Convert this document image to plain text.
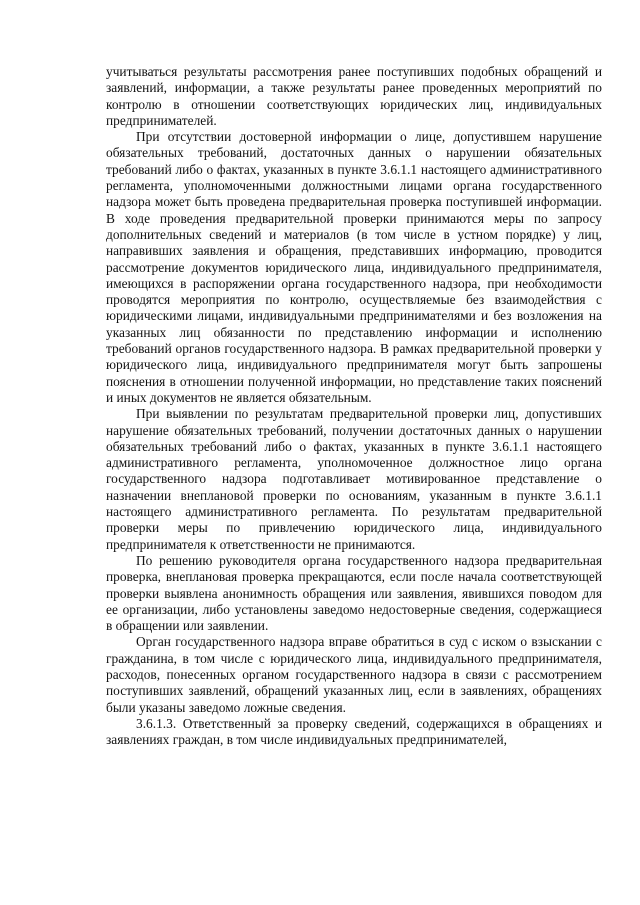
учитываться результаты рассмотрения ранее поступивших подобных обращений и заявлений, информации, а также результаты ранее проведенных мероприятий по контролю в отношении соответствующих юридических лиц, индивидуальных предпринимателей.

При отсутствии достоверной информации о лице, допустившем нарушение обязательных требований, достаточных данных о нарушении обязательных требований либо о фактах, указанных в пункте 3.6.1.1 настоящего административного регламента, уполномоченными должностными лицами органа государственного надзора может быть проведена предварительная проверка поступившей информации. В ходе проведения предварительной проверки принимаются меры по запросу дополнительных сведений и материалов (в том числе в устном порядке) у лиц, направивших заявления и обращения, представивших информацию, проводится рассмотрение документов юридического лица, индивидуального предпринимателя, имеющихся в распоряжении органа государственного надзора, при необходимости проводятся мероприятия по контролю, осуществляемые без взаимодействия с юридическими лицами, индивидуальными предпринимателями и без возложения на указанных лиц обязанности по представлению информации и исполнению требований органов государственного надзора. В рамках предварительной проверки у юридического лица, индивидуального предпринимателя могут быть запрошены пояснения в отношении полученной информации, но представление таких пояснений и иных документов не является обязательным.

При выявлении по результатам предварительной проверки лиц, допустивших нарушение обязательных требований, получении достаточных данных о нарушении обязательных требований либо о фактах, указанных в пункте 3.6.1.1 настоящего административного регламента, уполномоченное должностное лицо органа государственного надзора подготавливает мотивированное представление о назначении внеплановой проверки по основаниям, указанным в пункте 3.6.1.1 настоящего административного регламента. По результатам предварительной проверки меры по привлечению юридического лица, индивидуального предпринимателя к ответственности не принимаются.

По решению руководителя органа государственного надзора предварительная проверка, внеплановая проверка прекращаются, если после начала соответствующей проверки выявлена анонимность обращения или заявления, явившихся поводом для ее организации, либо установлены заведомо недостоверные сведения, содержащиеся в обращении или заявлении.

Орган государственного надзора вправе обратиться в суд с иском о взыскании с гражданина, в том числе с юридического лица, индивидуального предпринимателя, расходов, понесенных органом государственного надзора в связи с рассмотрением поступивших заявлений, обращений указанных лиц, если в заявлениях, обращениях были указаны заведомо ложные сведения.

3.6.1.3. Ответственный за проверку сведений, содержащихся в обращениях и заявлениях граждан, в том числе индивидуальных предпринимателей,
